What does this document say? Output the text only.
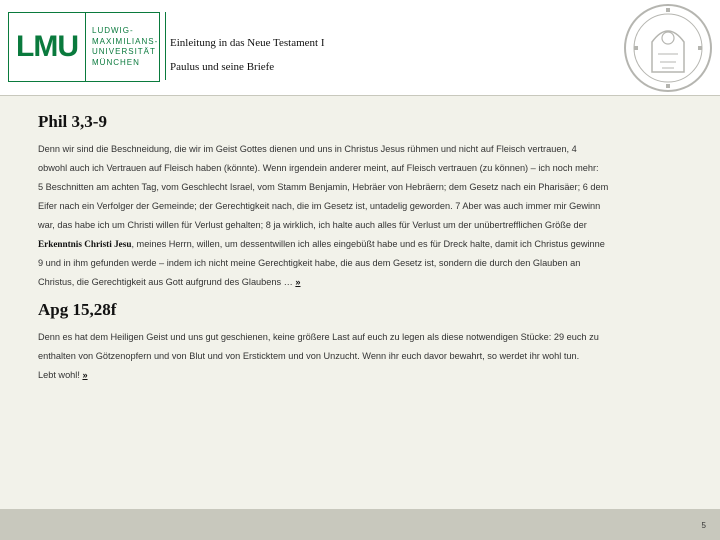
LMU	LUDWIG-
MAXIMILIANS-
UNIVERSITÄT
MÜNCHEN
Einleitung in das Neue Testament I
Paulus und seine Briefe
Phil 3,3-9
Denn wir sind die Beschneidung, die wir im Geist Gottes dienen und uns in Christus Jesus rühmen und nicht auf Fleisch vertrauen, 4
obwohl auch ich Vertrauen auf Fleisch haben (könnte). Wenn irgendein anderer meint, auf Fleisch vertrauen (zu können) – ich noch mehr:
5 Beschnitten am achten Tag, vom Geschlecht Israel, vom Stamm Benjamin, Hebräer von Hebräern; dem Gesetz nach ein Pharisäer; 6 dem
Eifer nach ein Verfolger der Gemeinde; der Gerechtigkeit nach, die im Gesetz ist, untadelig geworden. 7 Aber was auch immer mir Gewinn
war, das habe ich um Christi willen für Verlust gehalten; 8 ja wirklich, ich halte auch alles für Verlust um der unübertrefflichen Größe der
Erkenntnis Christi Jesu, meines Herrn, willen, um dessentwillen ich alles eingebüßt habe und es für Dreck halte, damit ich Christus gewinne
9 und in ihm gefunden werde – indem ich nicht meine Gerechtigkeit habe, die aus dem Gesetz ist, sondern die durch den Glauben an
Christus, die Gerechtigkeit aus Gott aufgrund des Glaubens … »
Apg 15,28f
Denn es hat dem Heiligen Geist und uns gut geschienen, keine größere Last auf euch zu legen als diese notwendigen Stücke: 29 euch zu
enthalten von Götzenopfern und von Blut und von Ersticktem und von Unzucht. Wenn ihr euch davor bewahrt, so werdet ihr wohl tun.
Lebt wohl! »
5
